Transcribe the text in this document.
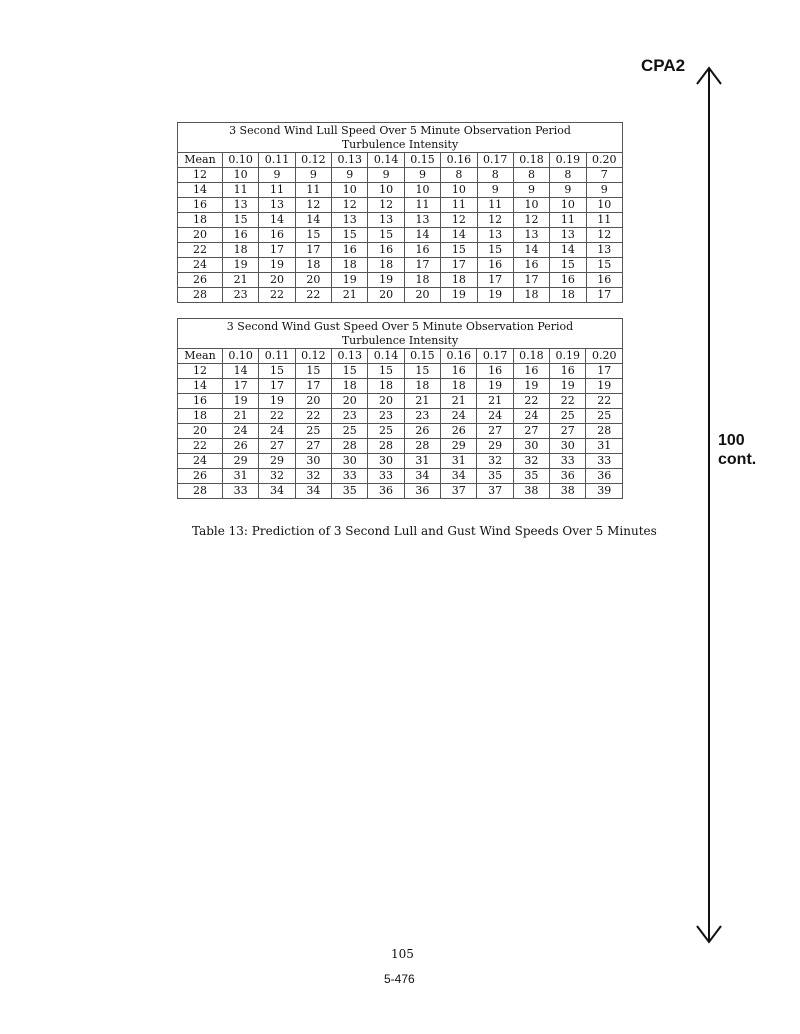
CPA2
100
cont.
3 Second Wind Lull Speed Over 5 Minute Observation Period											
Turbulence Intensity											
Mean	0.10	0.11	0.12	0.13	0.14	0.15	0.16	0.17	0.18	0.19	0.20
12	10	9	9	9	9	9	8	8	8	8	7
14	11	11	11	10	10	10	10	9	9	9	9
16	13	13	12	12	12	11	11	11	10	10	10
18	15	14	14	13	13	13	12	12	12	11	11
20	16	16	15	15	15	14	14	13	13	13	12
22	18	17	17	16	16	16	15	15	14	14	13
24	19	19	18	18	18	17	17	16	16	15	15
26	21	20	20	19	19	18	18	17	17	16	16
28	23	22	22	21	20	20	19	19	18	18	17
3 Second Wind Gust Speed Over 5 Minute Observation Period											
Turbulence Intensity											
Mean	0.10	0.11	0.12	0.13	0.14	0.15	0.16	0.17	0.18	0.19	0.20
12	14	15	15	15	15	15	16	16	16	16	17
14	17	17	17	18	18	18	18	19	19	19	19
16	19	19	20	20	20	21	21	21	22	22	22
18	21	22	22	23	23	23	24	24	24	25	25
20	24	24	25	25	25	26	26	27	27	27	28
22	26	27	27	28	28	28	29	29	30	30	31
24	29	29	30	30	30	31	31	32	32	33	33
26	31	32	32	33	33	34	34	35	35	36	36
28	33	34	34	35	36	36	37	37	38	38	39
Table 13: Prediction of 3 Second Lull and Gust Wind Speeds Over 5 Minutes
105
5-476
